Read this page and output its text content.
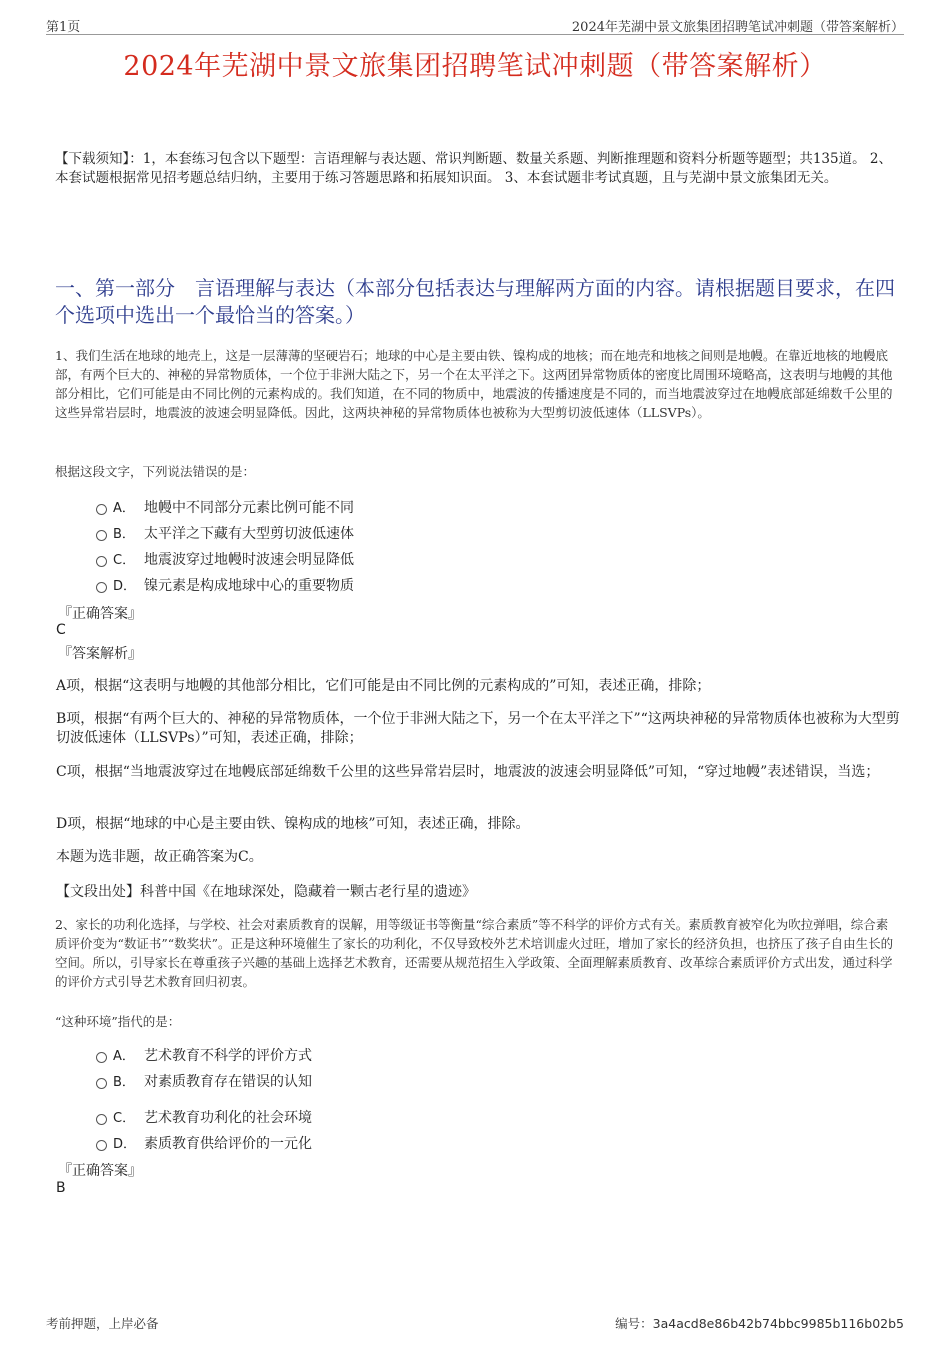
第1页	2024年芜湖中景文旅集团招聘笔试冲刺题（带答案解析）
2024年芜湖中景文旅集团招聘笔试冲刺题（带答案解析）
【下载须知】：1，本套练习包含以下题型：言语理解与表达题、常识判断题、数量关系题、判断推理题和资料分析题等题型；共135道。 2、本套试题根据常见招考题总结归纳，主要用于练习答题思路和拓展知识面。 3、本套试题非考试真题，且与芜湖中景文旅集团无关。
一、第一部分　言语理解与表达（本部分包括表达与理解两方面的内容。请根据题目要求，在四个选项中选出一个最恰当的答案。）
1、我们生活在地球的地壳上，这是一层薄薄的坚硬岩石；地球的中心是主要由铁、镍构成的地核；而在地壳和地核之间则是地幔。在靠近地核的地幔底部，有两个巨大的、神秘的异常物质体，一个位于非洲大陆之下，另一个在太平洋之下。这两团异常物质体的密度比周围环境略高，这表明与地幔的其他部分相比，它们可能是由不同比例的元素构成的。我们知道，在不同的物质中，地震波的传播速度是不同的，而当地震波穿过在地幔底部延绵数千公里的这些异常岩层时，地震波的波速会明显降低。因此，这两块神秘的异常物质体也被称为大型剪切波低速体（LLSVPs）。
根据这段文字，下列说法错误的是：
A． 地幔中不同部分元素比例可能不同
B． 太平洋之下藏有大型剪切波低速体
C． 地震波穿过地幔时波速会明显降低
D． 镍元素是构成地球中心的重要物质
『正确答案』
C
『答案解析』
A项，根据“这表明与地幔的其他部分相比，它们可能是由不同比例的元素构成的”可知，表述正确，排除；
B项，根据“有两个巨大的、神秘的异常物质体，一个位于非洲大陆之下，另一个在太平洋之下”“这两块神秘的异常物质体也被称为大型剪切波低速体（LLSVPs）”可知，表述正确，排除；
C项，根据“当地震波穿过在地幔底部延绵数千公里的这些异常岩层时，地震波的波速会明显降低”可知，“穿过地幔”表述错误，当选；
D项，根据“地球的中心是主要由铁、镍构成的地核”可知，表述正确，排除。
本题为选非题，故正确答案为C。
【文段出处】科普中国《在地球深处，隐藏着一颗古老行星的遗迹》
2、家长的功利化选择，与学校、社会对素质教育的误解，用等级证书等衡量“综合素质”等不科学的评价方式有关。素质教育被窄化为吹拉弹唱，综合素质评价变为“数证书”“数奖状”。正是这种环境催生了家长的功利化，不仅导致校外艺术培训虚火过旺，增加了家长的经济负担，也挤压了孩子自由生长的空间。所以，引导家长在尊重孩子兴趣的基础上选择艺术教育，还需要从规范招生入学政策、全面理解素质教育、改革综合素质评价方式出发，通过科学的评价方式引导艺术教育回归初衷。
“这种环境”指代的是：
A． 艺术教育不科学的评价方式
B． 对素质教育存在错误的认知
C． 艺术教育功利化的社会环境
D． 素质教育供给评价的一元化
『正确答案』
B
考前押题，上岸必备	编号：3a4acd8e86b42b74bbc9985b116b02b5
